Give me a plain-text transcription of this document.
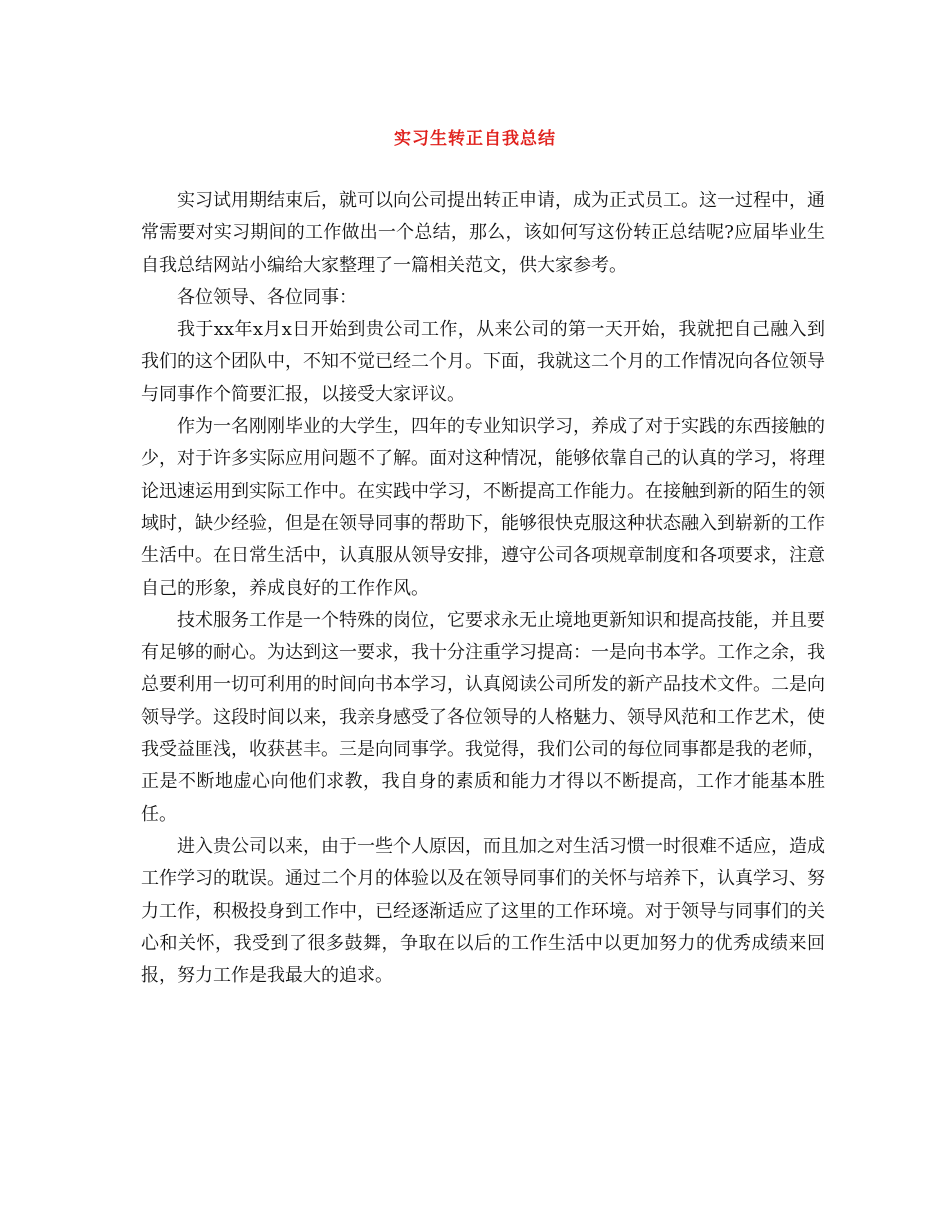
实习生转正自我总结

实习试用期结束后，就可以向公司提出转正申请，成为正式员工。这一过程中，通常需要对实习期间的工作做出一个总结，那么，该如何写这份转正总结呢?应届毕业生自我总结网站小编给大家整理了一篇相关范文，供大家参考。

各位领导、各位同事：

我于xx年x月x日开始到贵公司工作，从来公司的第一天开始，我就把自己融入到我们的这个团队中，不知不觉已经二个月。下面，我就这二个月的工作情况向各位领导与同事作个简要汇报，以接受大家评议。

作为一名刚刚毕业的大学生，四年的专业知识学习，养成了对于实践的东西接触的少，对于许多实际应用问题不了解。面对这种情况，能够依靠自己的认真的学习，将理论迅速运用到实际工作中。在实践中学习，不断提高工作能力。在接触到新的陌生的领域时，缺少经验，但是在领导同事的帮助下，能够很快克服这种状态融入到崭新的工作生活中。在日常生活中，认真服从领导安排，遵守公司各项规章制度和各项要求，注意自己的形象，养成良好的工作作风。

技术服务工作是一个特殊的岗位，它要求永无止境地更新知识和提高技能，并且要有足够的耐心。为达到这一要求，我十分注重学习提高：一是向书本学。工作之余，我总要利用一切可利用的时间向书本学习，认真阅读公司所发的新产品技术文件。二是向领导学。这段时间以来，我亲身感受了各位领导的人格魅力、领导风范和工作艺术，使我受益匪浅，收获甚丰。三是向同事学。我觉得，我们公司的每位同事都是我的老师，正是不断地虚心向他们求教，我自身的素质和能力才得以不断提高，工作才能基本胜任。

进入贵公司以来，由于一些个人原因，而且加之对生活习惯一时很难不适应，造成工作学习的耽误。通过二个月的体验以及在领导同事们的关怀与培养下，认真学习、努力工作，积极投身到工作中，已经逐渐适应了这里的工作环境。对于领导与同事们的关心和关怀，我受到了很多鼓舞，争取在以后的工作生活中以更加努力的优秀成绩来回报，努力工作是我最大的追求。
